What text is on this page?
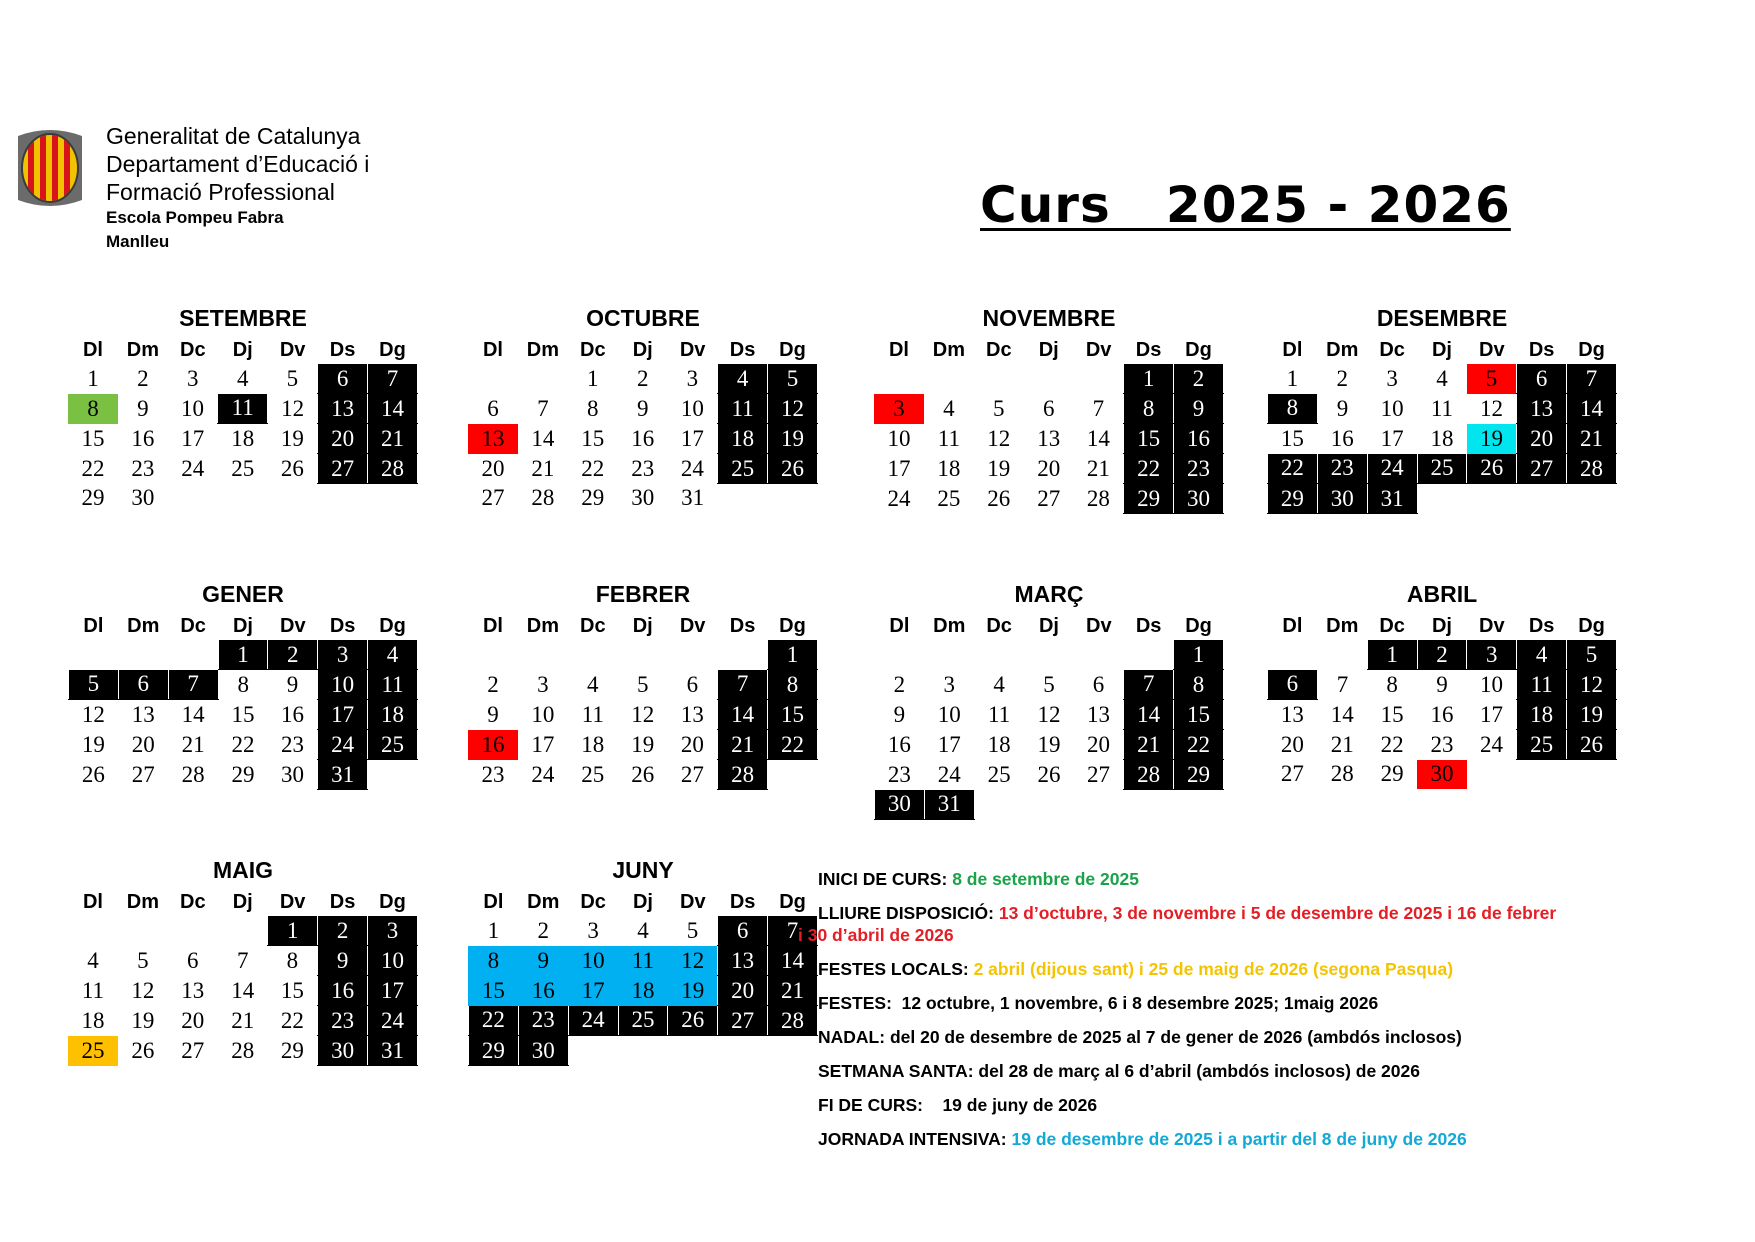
Generalitat de Catalunya
Departament d’Educació i
Formació Professional
Escola Pompeu Fabra
Manlleu
Curs   2025 - 2026
SETEMBRE
Dl	Dm	Dc	Dj	Dv	Ds	Dg
1	2	3	4	5	6	7
8	9	10	11	12	13	14
15	16	17	18	19	20	21
22	23	24	25	26	27	28
29	30					
OCTUBRE
Dl	Dm	Dc	Dj	Dv	Ds	Dg
		1	2	3	4	5
6	7	8	9	10	11	12
13	14	15	16	17	18	19
20	21	22	23	24	25	26
27	28	29	30	31		
NOVEMBRE
Dl	Dm	Dc	Dj	Dv	Ds	Dg
					1	2
3	4	5	6	7	8	9
10	11	12	13	14	15	16
17	18	19	20	21	22	23
24	25	26	27	28	29	30
DESEMBRE
Dl	Dm	Dc	Dj	Dv	Ds	Dg
1	2	3	4	5	6	7
8	9	10	11	12	13	14
15	16	17	18	19	20	21
22	23	24	25	26	27	28
29	30	31				
GENER
Dl	Dm	Dc	Dj	Dv	Ds	Dg
			1	2	3	4
5	6	7	8	9	10	11
12	13	14	15	16	17	18
19	20	21	22	23	24	25
26	27	28	29	30	31	
FEBRER
Dl	Dm	Dc	Dj	Dv	Ds	Dg
						1
2	3	4	5	6	7	8
9	10	11	12	13	14	15
16	17	18	19	20	21	22
23	24	25	26	27	28	
MARÇ
Dl	Dm	Dc	Dj	Dv	Ds	Dg
						1
2	3	4	5	6	7	8
9	10	11	12	13	14	15
16	17	18	19	20	21	22
23	24	25	26	27	28	29
30	31					
ABRIL
Dl	Dm	Dc	Dj	Dv	Ds	Dg
		1	2	3	4	5
6	7	8	9	10	11	12
13	14	15	16	17	18	19
20	21	22	23	24	25	26
27	28	29	30			
MAIG
Dl	Dm	Dc	Dj	Dv	Ds	Dg
				1	2	3
4	5	6	7	8	9	10
11	12	13	14	15	16	17
18	19	20	21	22	23	24
25	26	27	28	29	30	31
JUNY
Dl	Dm	Dc	Dj	Dv	Ds	Dg
1	2	3	4	5	6	7
8	9	10	11	12	13	14
15	16	17	18	19	20	21
22	23	24	25	26	27	28
29	30					
INICI DE CURS: 8 de setembre de 2025
LLIURE DISPOSICIÓ: 13 d’octubre, 3 de novembre i 5 de desembre de 2025 i 16 de febrer i 30 d’abril de 2026
FESTES LOCALS: 2 abril (dijous sant) i 25 de maig de 2026 (segona Pasqua)
FESTES: 12 octubre, 1 novembre, 6 i 8 desembre 2025; 1maig 2026
NADAL: del 20 de desembre de 2025 al 7 de gener de 2026 (ambdós inclosos)
SETMANA SANTA: del 28 de març al 6 d’abril (ambdós inclosos) de 2026
FI DE CURS: 19 de juny de 2026
JORNADA INTENSIVA: 19 de desembre de 2025 i a partir del 8 de juny de 2026
